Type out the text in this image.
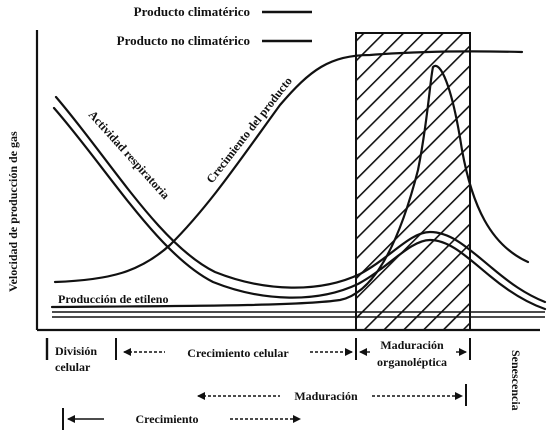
Producto climatérico
Producto no climatérico
Velocidad de producción de gas	Actividad respiratoria	Crecimiento del producto
Producción de etileno
División
celular
Crecimiento celular
Maduración
organoléptica	Senescencia
Maduración
Crecimiento
